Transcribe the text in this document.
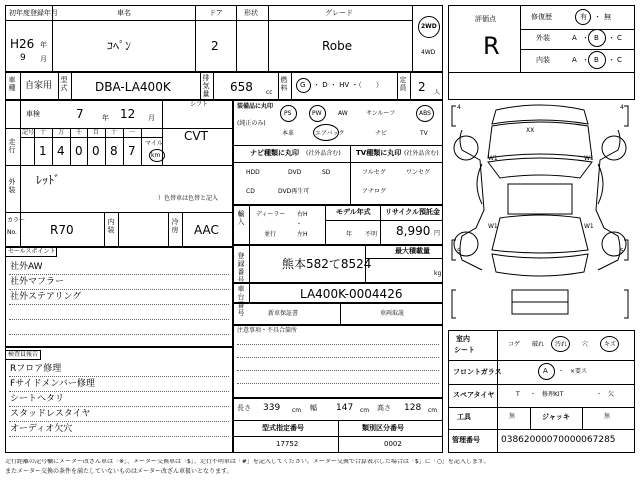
初年度登録年月
H26 年
9 月
車名
ｺﾍﾟﾝ
ドア
2
形状	グレード
Robe
2WD
4WD
車種 自家用
型式 DBA-LA400K
排気量 658 cc
燃料 G ・ D ・ HV ・（　　）
定員 2 人
評価点
R
修復歴	有 ・ 無
外装	A ・ B ・ C
内装	A ・ B ・ C
車検	7	年 12 月
シフト
CVT
走行
記号 十 万 千 百 十 一
1 4 0 0 8 7
マイル
km
外装
ﾚｯﾄﾞ
）色替車は色替と記入
カラー
No.	R70
内装
冷房 AAC
装備品に丸印
(純正のみ)
PS	PW	AW	サンルーフ	ABS
本革	エアバック	ナビ	TV
ナビ種類に丸印 (社外品含む)
HDD	DVD	SD
CD	DVD再生可
TV種類に丸印 (社外品含む)
フルセグ	ワンセグ
アナログ
輸入
ディーラー 右H
・
並行	左H
モデル年式
年 不明
リサイクル預託金
8,990 円
登録番号
熊本582て8524
最大積載量
kg
車台番号
LA400K-0004426
新車保証書	車両取説
注意事項・不具合箇所
セールスポイント
社外AW
社外マフラー
社外ステアリング
検査員報告
Rフロア修理
Fサイドメンバー修理
シートヘタリ
スタッドレスタイヤ
オーディオ欠穴
長さ 339 cm 幅 147 cm 高さ 128 cm
型式指定番号
17752
類別区分番号
0002
室内
シート
コゲ 破れ 汚れ 穴	キズ
フロントガラス	A ・　×要ス
スペアタイヤ	T ・　修理KIT	・　欠
工具	無	ジャッキ	無
管理番号 03862000070000067285
XX
W1	W1
W1	W1
4	4
5	5
走行距離の記号欄にメーター改ざん車は「※」、メーター交換車は「$」、走行不明車は「#」を記入してください。メーター交換で合算表示した場合は「$」に「○」を記入します。
またメーター交換の条件を満たしていないものはメーター改ざん車扱いとなります。
